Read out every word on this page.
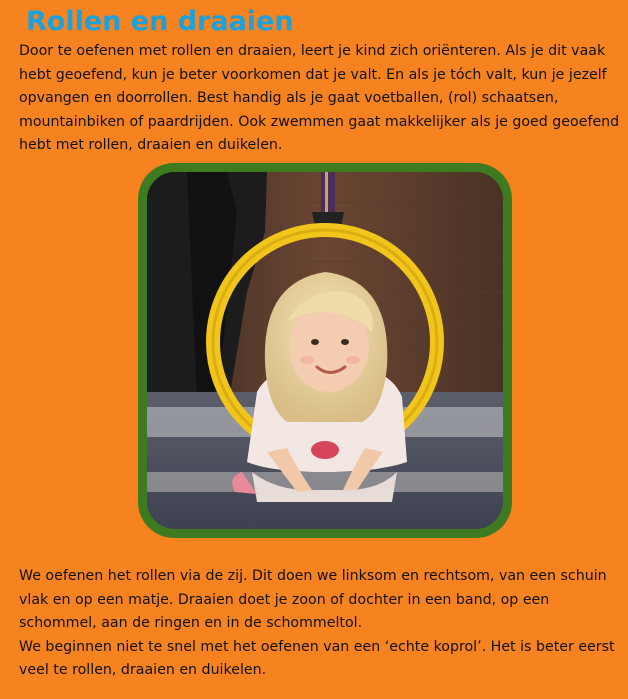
Rollen en draaien

Door te oefenen met rollen en draaien, leert je kind zich oriënteren. Als je dit vaak hebt geoefend, kun je beter voorkomen dat je valt. En als je tóch valt, kun je jezelf opvangen en doorrollen. Best handig als je gaat voetballen, (rol) schaatsen, mountainbiken of paardrijden. Ook zwemmen gaat makkelijker als je goed geoefend hebt met rollen, draaien en duikelen.

We oefenen het rollen via de zij. Dit doen we linksom en rechtsom, van een schuin vlak en op een matje. Draaien doet je zoon of dochter in een band, op een schommel, aan de ringen en in de schommeltol.
We beginnen niet te snel met het oefenen van een ‘echte koprol’. Het is beter eerst veel te rollen, draaien en duikelen.
